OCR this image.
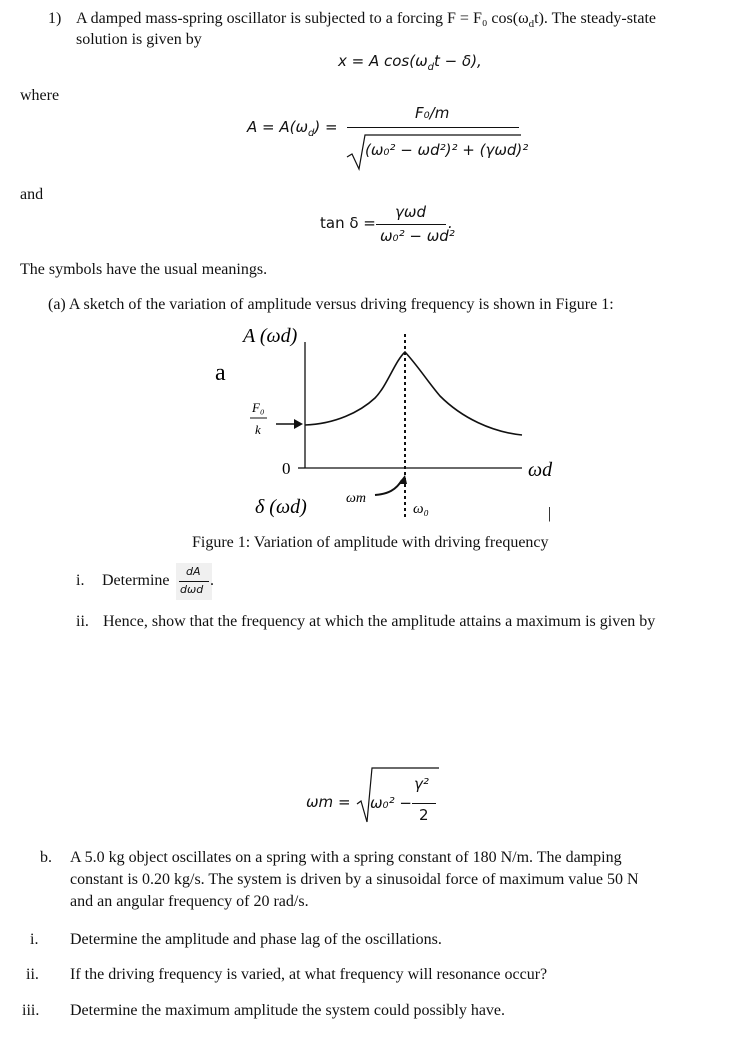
1) A damped mass-spring oscillator is subjected to a forcing F = F₀ $\cos(\omega_dt)$. The steady-state
solution is given by
x = A $\cos(\omega_dt - \delta)$,
where
$A = A(\omega_d)$ =
F₀/m
(ω₀² − ωd²)² + (γωd)²
and
tan δ =
γωd
ω₀² − ωd²
.
The symbols have the usual meanings.
(a) A sketch of the variation of amplitude versus driving frequency is shown in Figure 1:
A (ωd)
a
F₀
k
0	ωd
δ (ωd)	ωm
ω₀	|
Figure 1: Variation of amplitude with driving frequency
i. Determine
dA
dωd
.
ii. Hence, show that the frequency at which the amplitude attains a maximum is given by
ωm = ω₀² −
γ²
2
b. A 5.0 kg object oscillates on a spring with a spring constant of 180 N/m. The damping
constant is 0.20 kg/s. The system is driven by a sinusoidal force of maximum value 50 N
and an angular frequency of 20 rad/s.
i. Determine the amplitude and phase lag of the oscillations.
ii. If the driving frequency is varied, at what frequency will resonance occur?
iii. Determine the maximum amplitude the system could possibly have.
